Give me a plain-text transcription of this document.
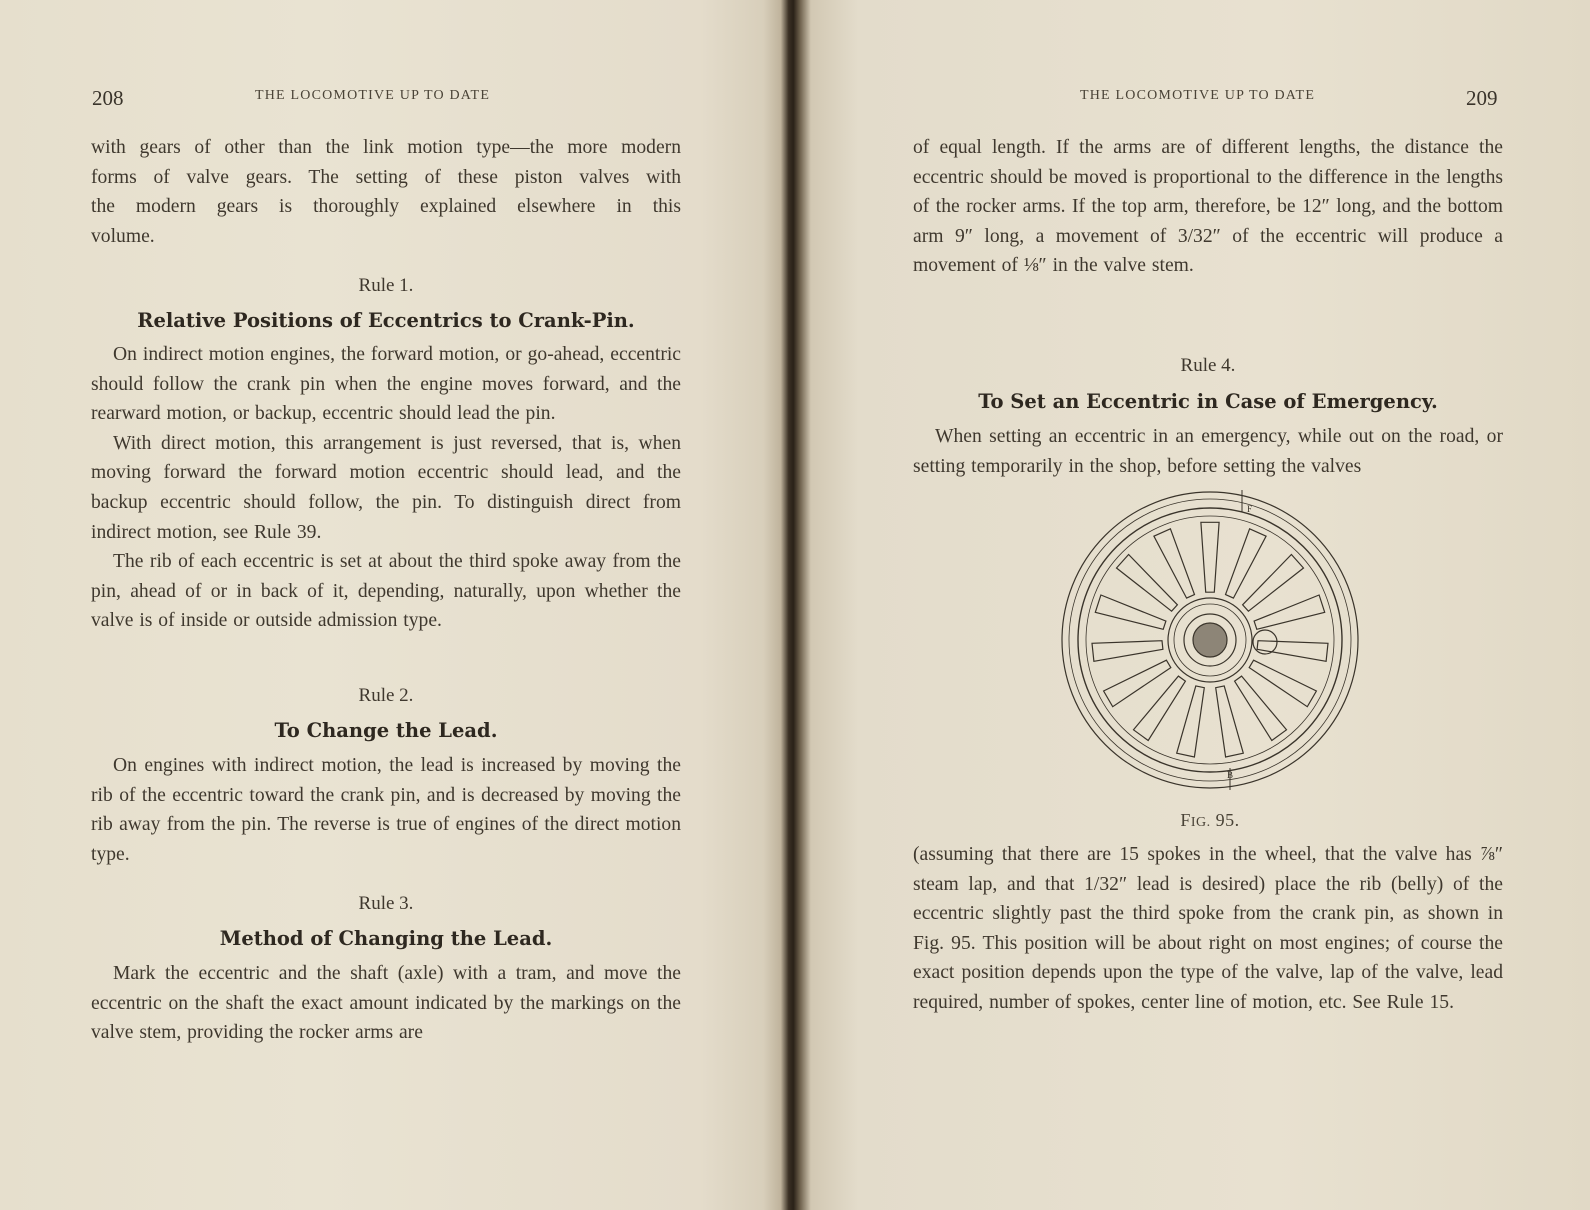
208	THE LOCOMOTIVE UP TO DATE
with gears of other than the link motion type—the more modern
forms of valve gears. The setting of these piston valves with
the modern gears is thoroughly explained elsewhere in this
volume.
Rule 1.
Relative Positions of Eccentrics to Crank-Pin.

On indirect motion engines, the forward motion, or go-ahead, eccentric should follow the crank pin when the engine moves forward, and the rearward motion, or backup, eccentric should lead the pin.

With direct motion, this arrangement is just reversed, that is, when moving forward the forward motion eccentric should lead, and the backup eccentric should follow, the pin. To distinguish direct from indirect motion, see Rule 39.

The rib of each eccentric is set at about the third spoke away from the pin, ahead of or in back of it, depending, naturally, upon whether the valve is of inside or outside admission type.

Rule 2.
To Change the Lead.

On engines with indirect motion, the lead is increased by moving the rib of the eccentric toward the crank pin, and is decreased by moving the rib away from the pin. The reverse is true of engines of the direct motion type.

Rule 3.
Method of Changing the Lead.

Mark the eccentric and the shaft (axle) with a tram, and move the eccentric on the shaft the exact amount indicated by the markings on the valve stem, providing the rocker arms are

THE LOCOMOTIVE UP TO DATE	209

of equal length. If the arms are of different lengths, the distance the eccentric should be moved is proportional to the difference in the lengths of the rocker arms. If the top arm, therefore, be 12″ long, and the bottom arm 9″ long, a movement of 3/32″ of the eccentric will produce a movement of ⅛″ in the valve stem.

Rule 4.
To Set an Eccentric in Case of Emergency.

When setting an eccentric in an emergency, while out on the road, or setting temporarily in the shop, before setting the valves

F
B
FIG. 95.

(assuming that there are 15 spokes in the wheel, that the valve has ⅞″ steam lap, and that 1/32″ lead is desired) place the rib (belly) of the eccentric slightly past the third spoke from the crank pin, as shown in Fig. 95. This position will be about right on most engines; of course the exact position depends upon the type of the valve, lap of the valve, lead required, number of spokes, center line of motion, etc. See Rule 15.
